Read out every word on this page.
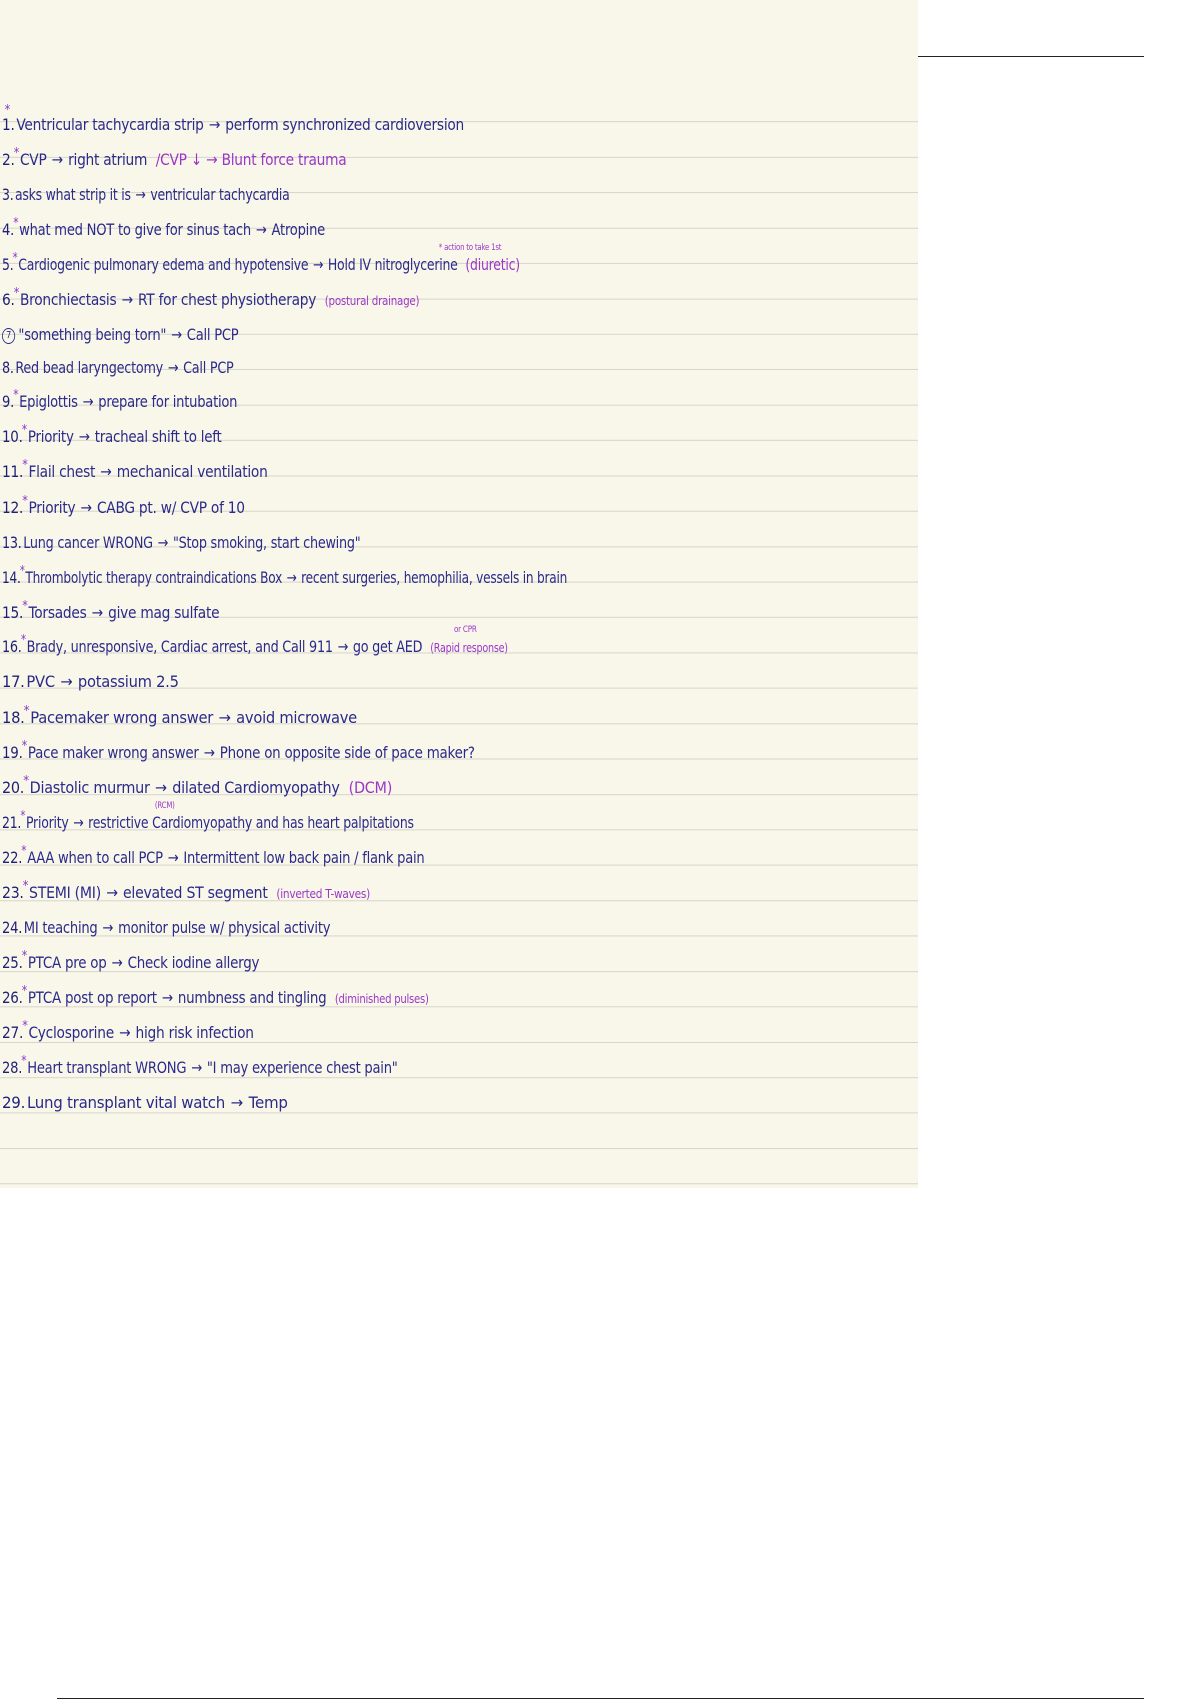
1.
*
Ventricular tachycardia strip → perform synchronized cardioversion
2.*CVP → right atrium /CVP ↓ → Blunt force trauma
3.asks what strip it is → ventricular tachycardia
4.*what med NOT to give for sinus tach → Atropine
5.*Cardiogenic pulmonary edema and hypotensive → Hold IV nitroglycerine (diuretic)
* action to take 1st
6.*Bronchiectasis → RT for chest physiotherapy (postural drainage)
7 "something being torn" → Call PCP
8. Red bead laryngectomy → Call PCP
9.*Epiglottis → prepare for intubation
10.*Priority → tracheal shift to left
11.*Flail chest → mechanical ventilation
12.*Priority → CABG pt. w/ CVP of 10
13. Lung cancer WRONG → "Stop smoking, start chewing"
14.*Thrombolytic therapy contraindications Box → recent surgeries, hemophilia, vessels in brain
15.*Torsades → give mag sulfate
16.*Brady, unresponsive, Cardiac arrest, and Call 911 → go get AED (Rapid response)
or CPR
17. PVC → potassium 2.5
18.*Pacemaker wrong answer → avoid microwave
19.*Pace maker wrong answer → Phone on opposite side of pace maker?
20.*Diastolic murmur → dilated Cardiomyopathy (DCM)
21.*Priority → restrictive Cardiomyopathy and has heart palpitations
(RCM)
22.*AAA when to call PCP → Intermittent low back pain / flank pain
23.*STEMI (MI) → elevated ST segment (inverted T-waves)
24. MI teaching → monitor pulse w/ physical activity
25.*PTCA pre op → Check iodine allergy
26.*PTCA post op report → numbness and tingling (diminished pulses)
27.*Cyclosporine → high risk infection
28.*Heart transplant WRONG → "I may experience chest pain"
29. Lung transplant vital watch → Temp
